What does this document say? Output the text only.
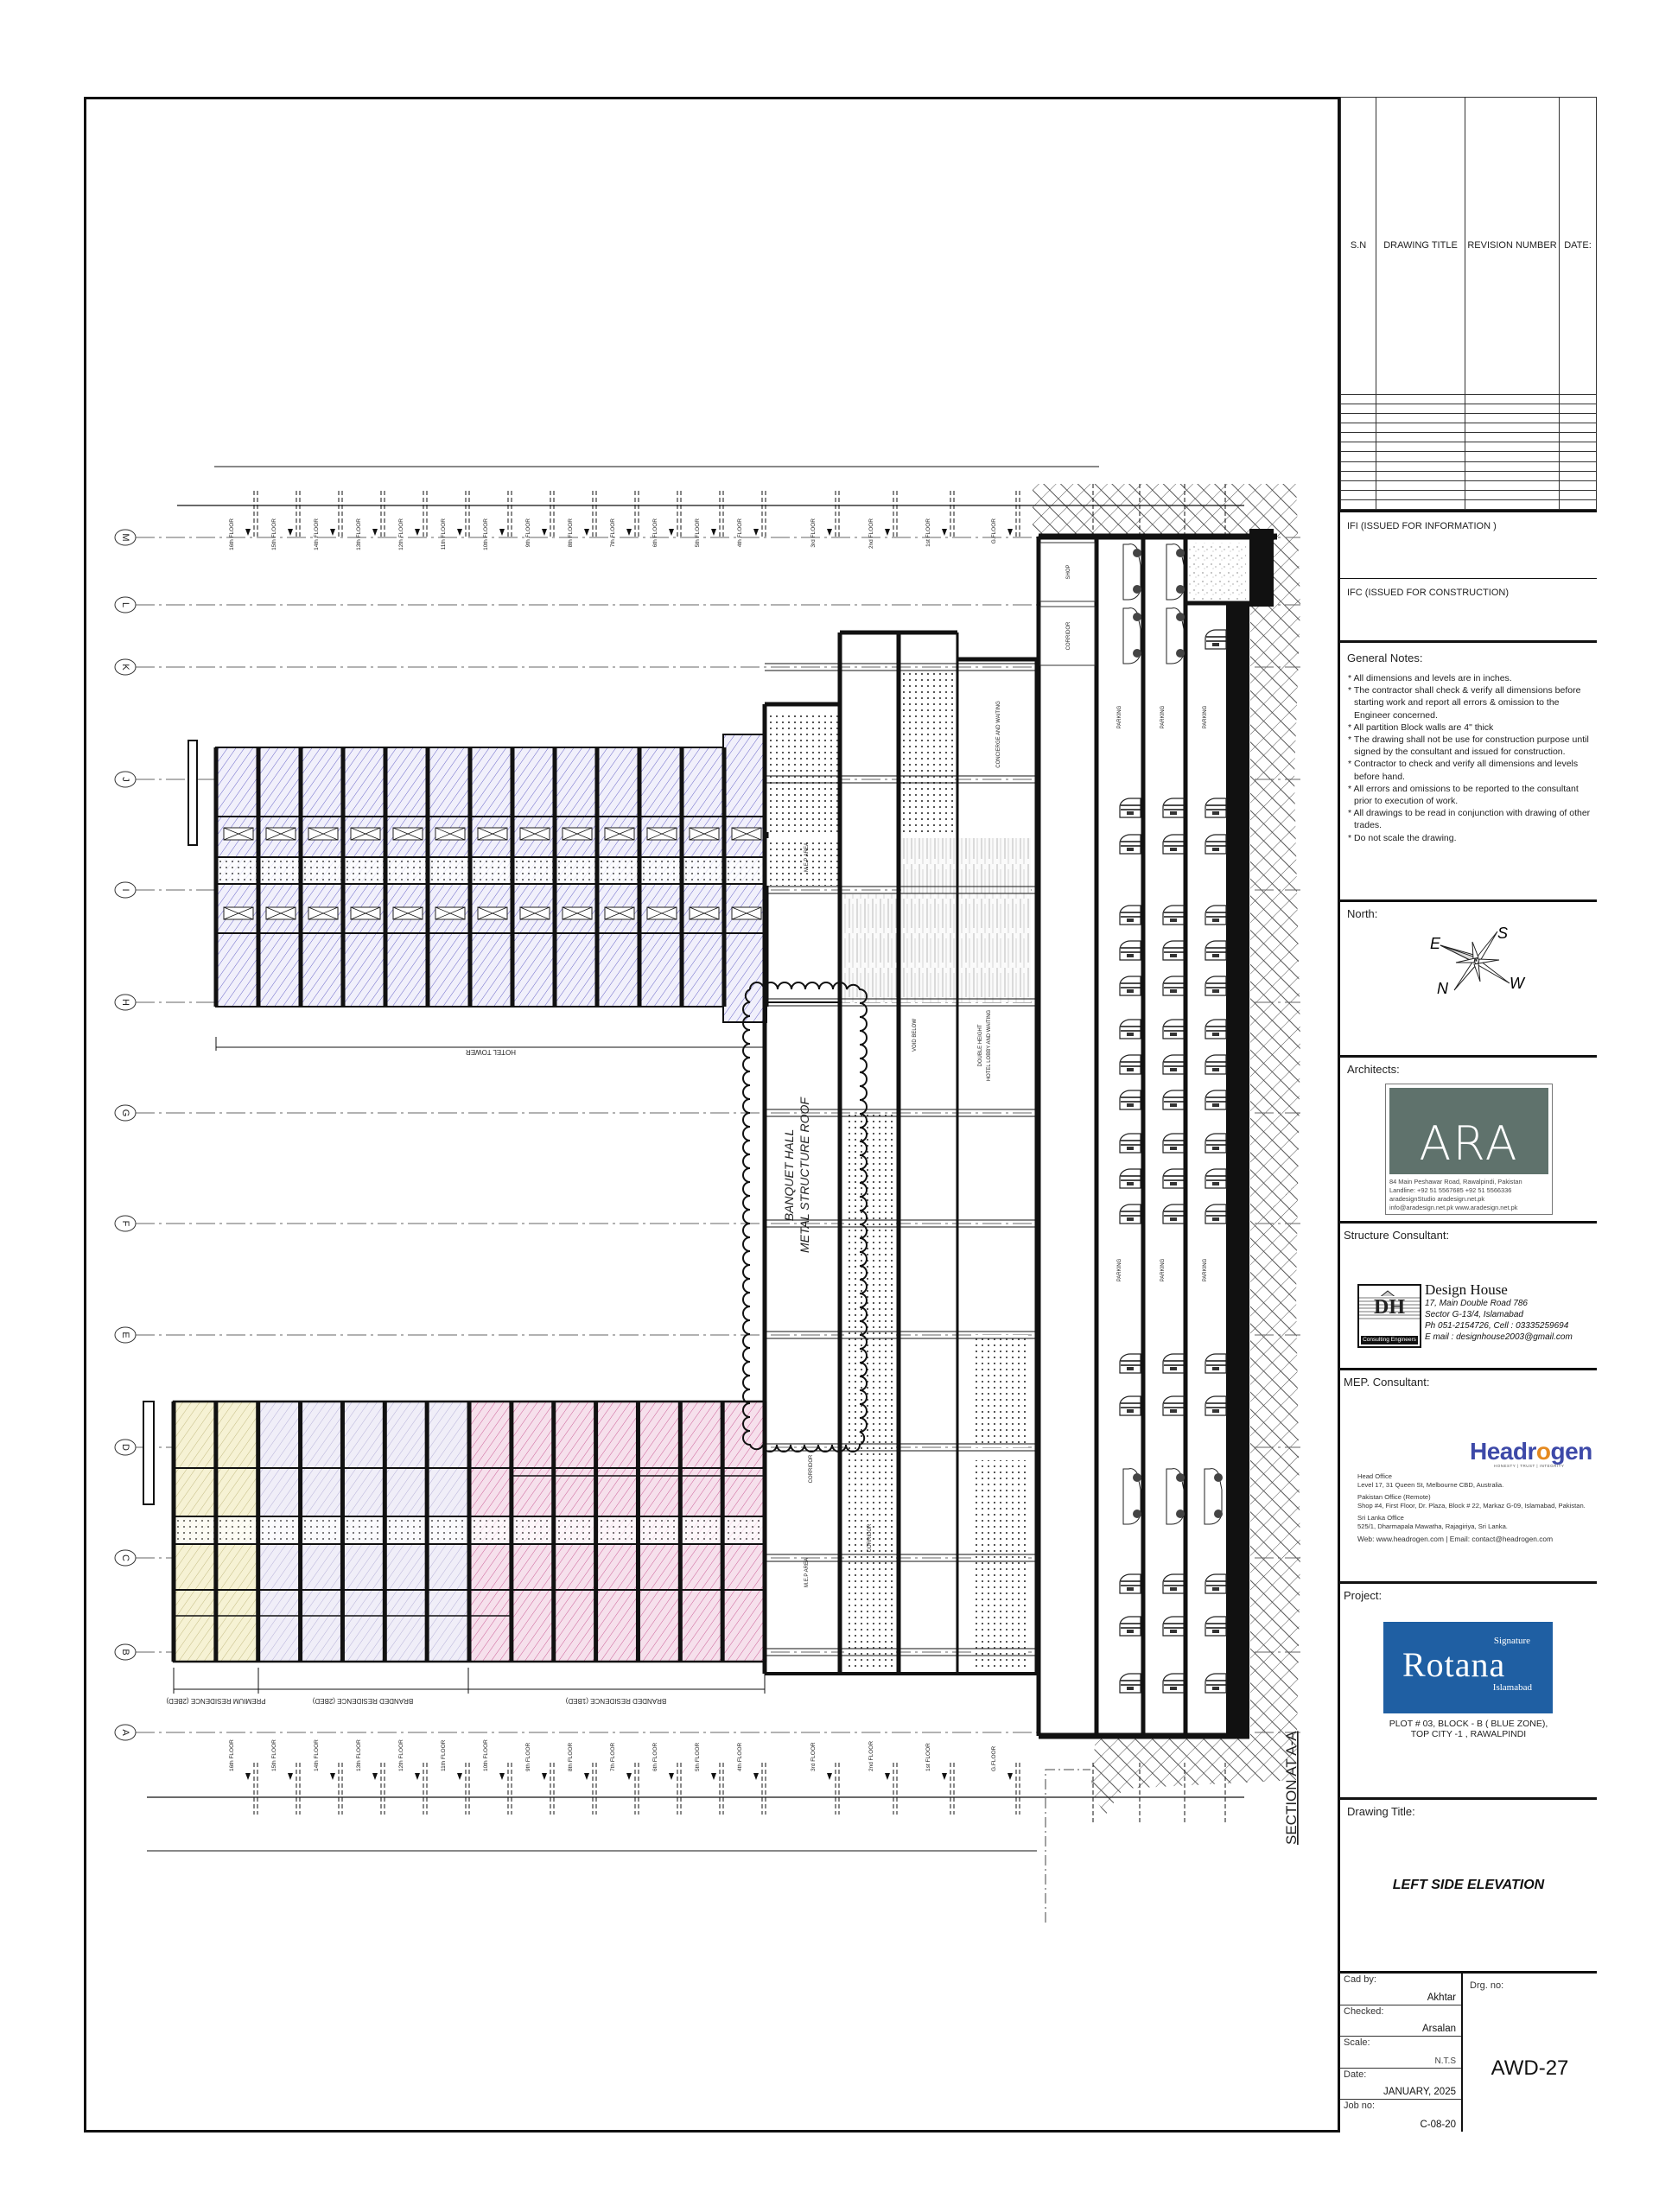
M
L
K
J
I
H
G
F
E
D
C
B
A
HOTEL TOWER
PREMIUM RESIDENCE (2BED)	BRANDED RESIDENCE (2BED)	BRANDED RESIDENCE (1BED)
M.E.P AREA
M.E.P AREA
CONCIERGE AND WAITING
VOID BELOW	DOUBLE HEIGHT HOTEL LOBBY AND WAITING
CORRIDOR
CORRIDOR
SHOP
CORRIDOR
PARKING	PARKING	PARKING
PARKING	PARKING	PARKING
BANQUET HALL METAL STRUCTURE ROOF
16th FLOOR
16th FLOOR
15th FLOOR
15th FLOOR
14th FLOOR
14th FLOOR
13th FLOOR
13th FLOOR
12th FLOOR
12th FLOOR
11th FLOOR
11th FLOOR
10th FLOOR
10th FLOOR
9th FLOOR
9th FLOOR
8th FLOOR
8th FLOOR
7th FLOOR
7th FLOOR
6th FLOOR
6th FLOOR
5th FLOOR
5th FLOOR
4th FLOOR
4th FLOOR
3rd FLOOR
3rd FLOOR
2nd FLOOR
2nd FLOOR
1st FLOOR
1st FLOOR
G.FLOOR
G.FLOOR	SECTION AT A-A
S.N	DRAWING TITLE	REVISION NUMBER	DATE:

IFI (ISSUED FOR INFORMATION )
IFC (ISSUED FOR CONSTRUCTION)
General Notes:
* All dimensions and levels are in inches.
* The contractor shall check & verify all dimensions before starting work and report all errors & omission to the Engineer concerned.
* All partition Block walls are 4" thick
* The drawing shall not be use for construction purpose until signed by the consultant and issued for construction.
* Contractor to check and verify all dimensions and levels before hand.
* All errors and omissions to be reported to the consultant prior to execution of work.
* All drawings to be read in conjunction with drawing of other trades.
* Do not scale the drawing.
North:
E
S
N	W
Architects:
ARA
84 Main Peshawar Road, Rawalpindi, Pakistan
Landline: +92 51 5567685 +92 51 5566336
aradesignStudio aradesign.net.pk
info@aradesign.net.pk www.aradesign.net.pk
Structure Consultant:
DH
Consulting Engineers
Design House
17, Main Double Road 786
Sector G-13/4, Islamabad
Ph 051-2154726, Cell : 03335259694
E mail : designhouse2003@gmail.com
MEP. Consultant:
Headrogen
HONESTY | TRUST | INTEGRITY
Head Office
Level 17, 31 Queen St, Melbourne CBD, Australia.
Pakistan Office (Remote)
Shop #4, First Floor, Dr. Plaza, Block # 22, Markaz G-09, Islamabad, Pakistan.
Sri Lanka Office
525/1, Dharmapala Mawatha, Rajagiriya, Sri Lanka.
Web: www.headrogen.com | Email: contact@headrogen.com
Project:
Signature
Rotana
Islamabad
PLOT # 03, BLOCK - B ( BLUE ZONE),
TOP CITY -1 , RAWALPINDI
Drawing Title:
LEFT SIDE ELEVATION
Cad by:
Akhtar
Checked:
Arsalan
Scale:
N.T.S
Date:
JANUARY, 2025
Job no:
C-08-20
Drg. no:
AWD-27
